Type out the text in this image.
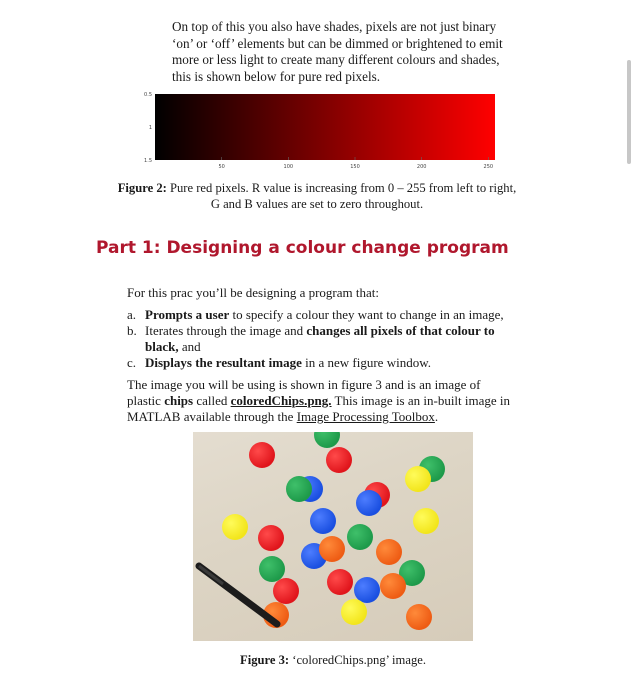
On top of this you also have shades, pixels are not just binary
‘on’ or ‘off’ elements but can be dimmed or brightened to emit
more or less light to create many different colours and shades,
this is shown below for pure red pixels.

50	100	150	200	250
0.5
1
1.5

Figure 2: Pure red pixels. R value is increasing from 0 – 255 from left to right,
G and B values are set to zero throughout.

Part 1: Designing a colour change program

For this prac you’ll be designing a program that:

a. Prompts a user to specify a colour they want to change in an image,
b. Iterates through the image and changes all pixels of that colour to
black, and
c. Displays the resultant image in a new figure window.

The image you will be using is shown in figure 3 and is an image of
plastic chips called coloredChips.png. This image is an in-built image in
MATLAB available through the Image Processing Toolbox.

Figure 3: ‘coloredChips.png’ image.
